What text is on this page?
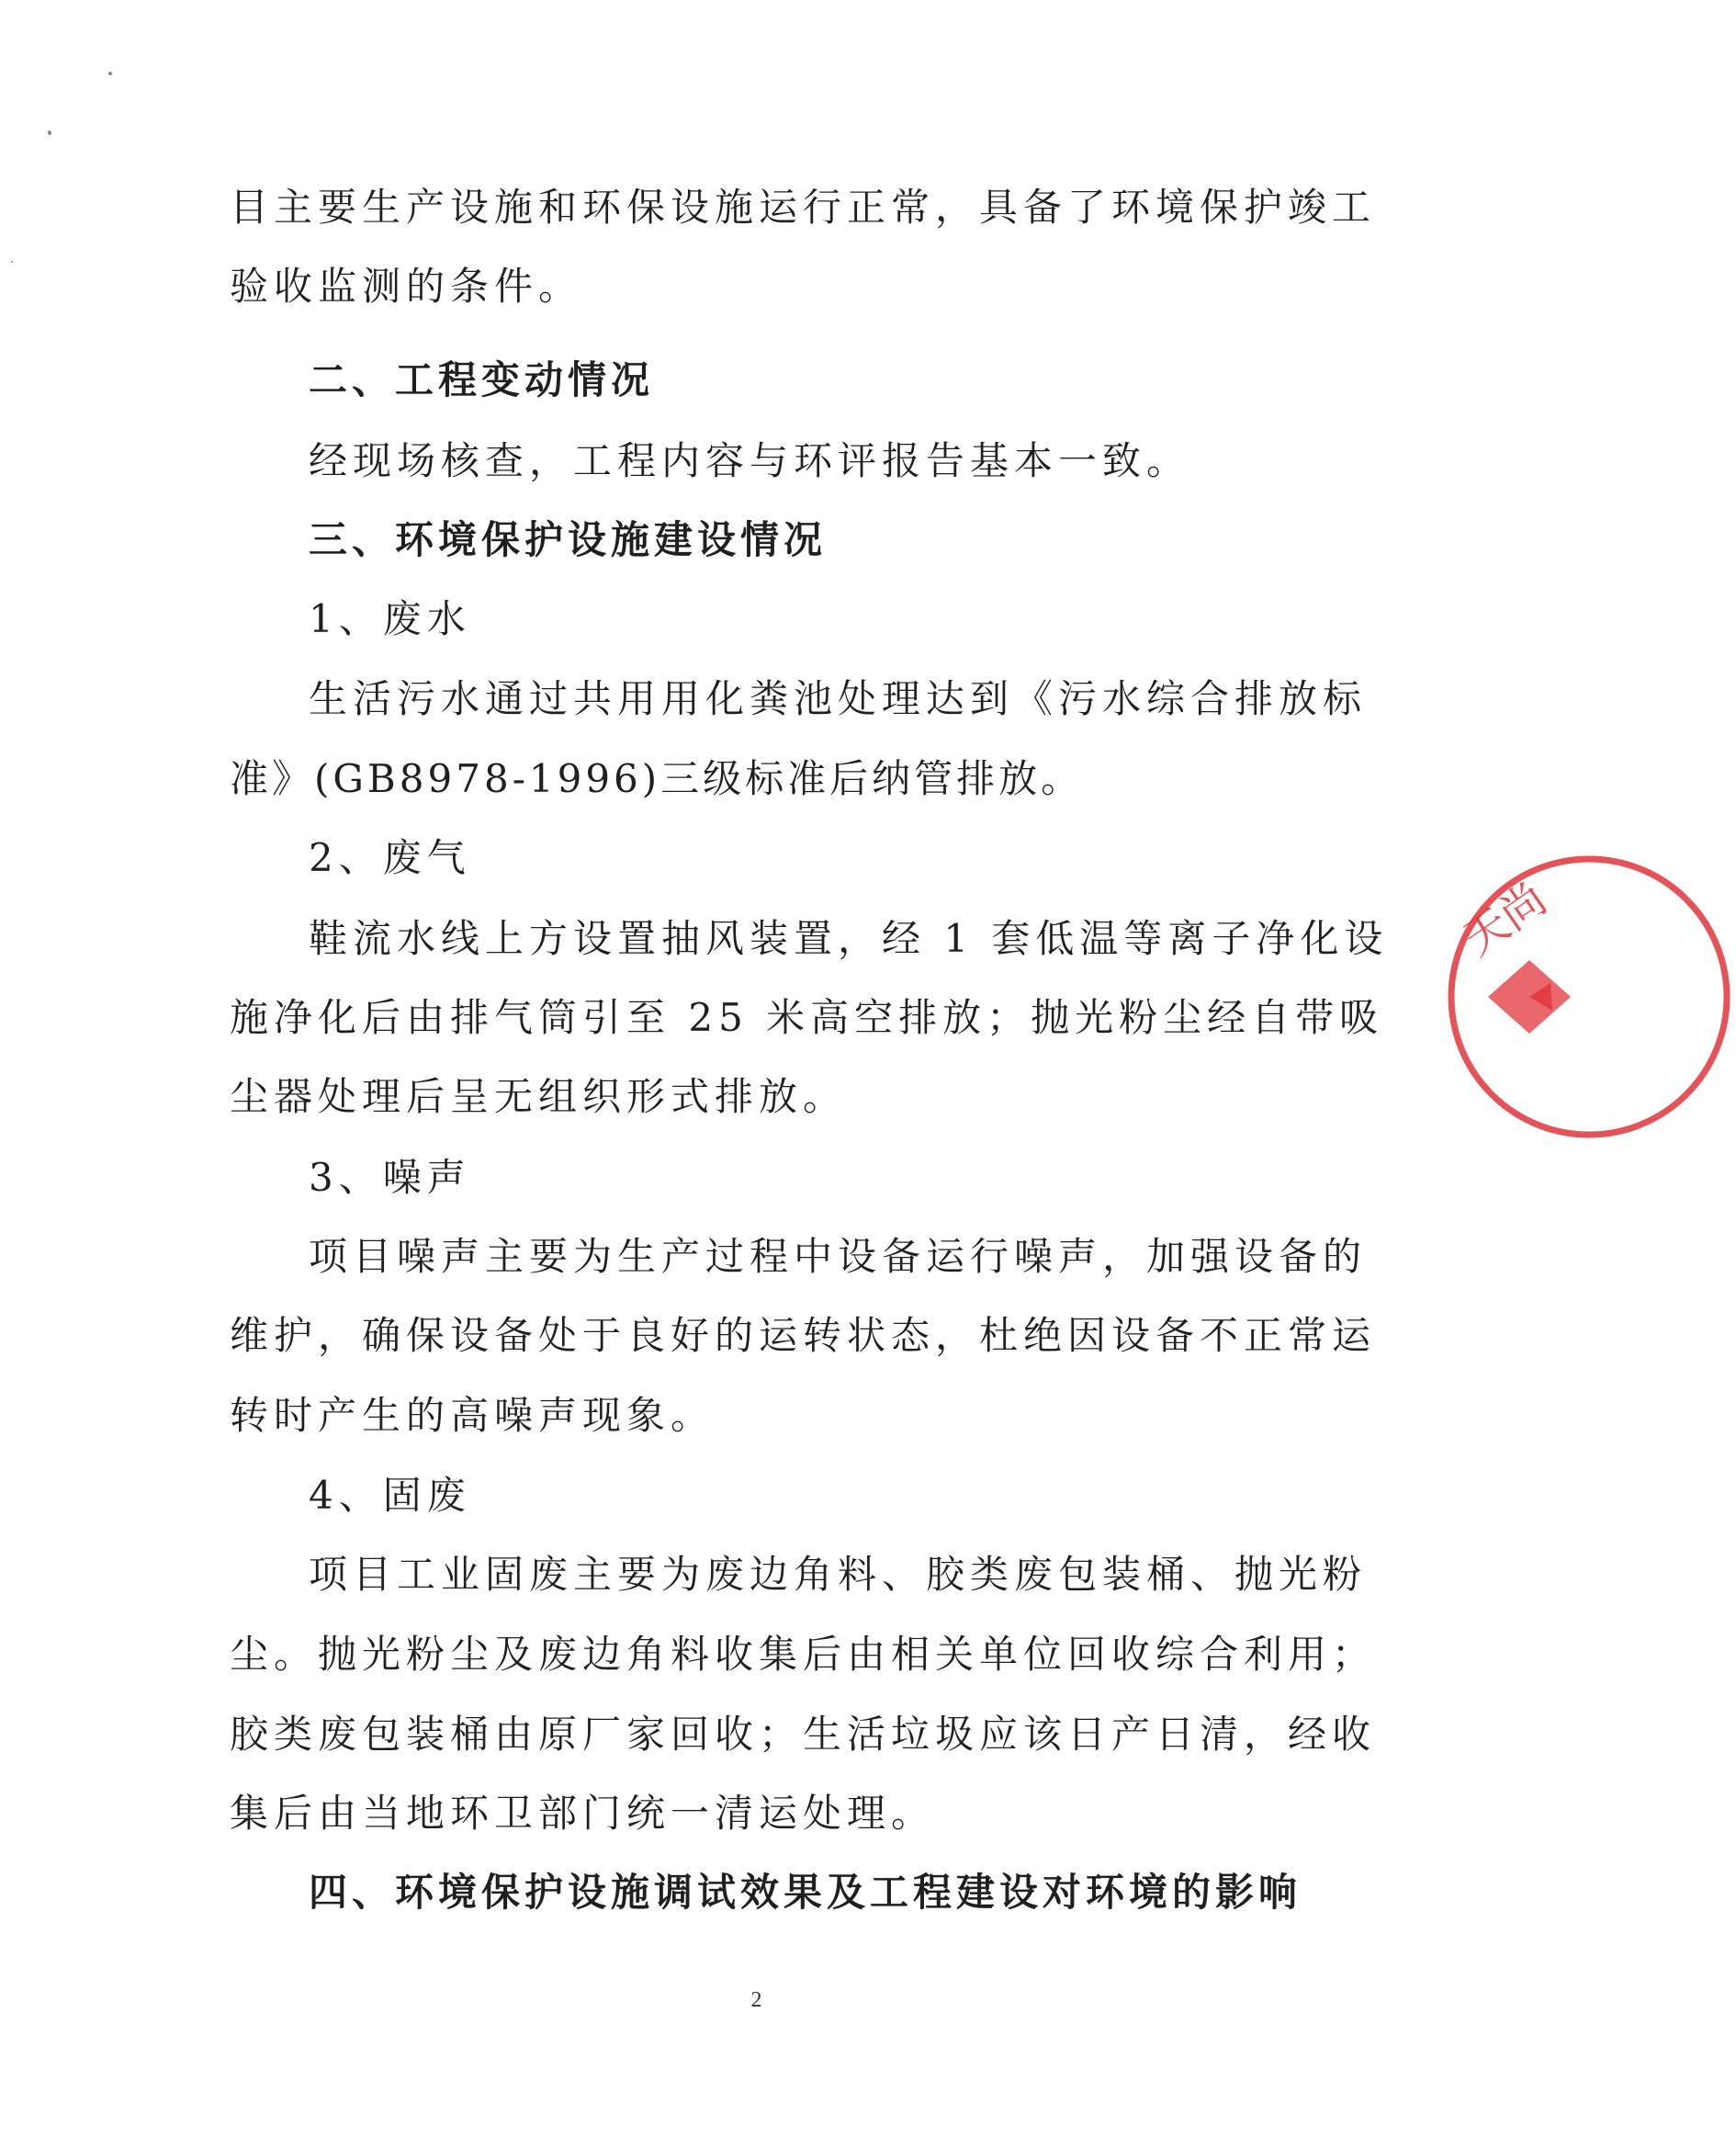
目主要生产设施和环保设施运行正常，具备了环境保护竣工
验收监测的条件。
二、工程变动情况
经现场核查，工程内容与环评报告基本一致。
三、环境保护设施建设情况
1、废水
生活污水通过共用用化粪池处理达到《污水综合排放标
准》(GB8978-1996)三级标准后纳管排放。
2、废气
鞋流水线上方设置抽风装置，经 1 套低温等离子净化设
施净化后由排气筒引至 25 米高空排放；抛光粉尘经自带吸
尘器处理后呈无组织形式排放。
3、噪声
项目噪声主要为生产过程中设备运行噪声，加强设备的
维护，确保设备处于良好的运转状态，杜绝因设备不正常运
转时产生的高噪声现象。
4、固废
项目工业固废主要为废边角料、胶类废包装桶、抛光粉
尘。抛光粉尘及废边角料收集后由相关单位回收综合利用；
胶类废包装桶由原厂家回收；生活垃圾应该日产日清，经收
集后由当地环卫部门统一清运处理。
四、环境保护设施调试效果及工程建设对环境的影响
2
天尚
